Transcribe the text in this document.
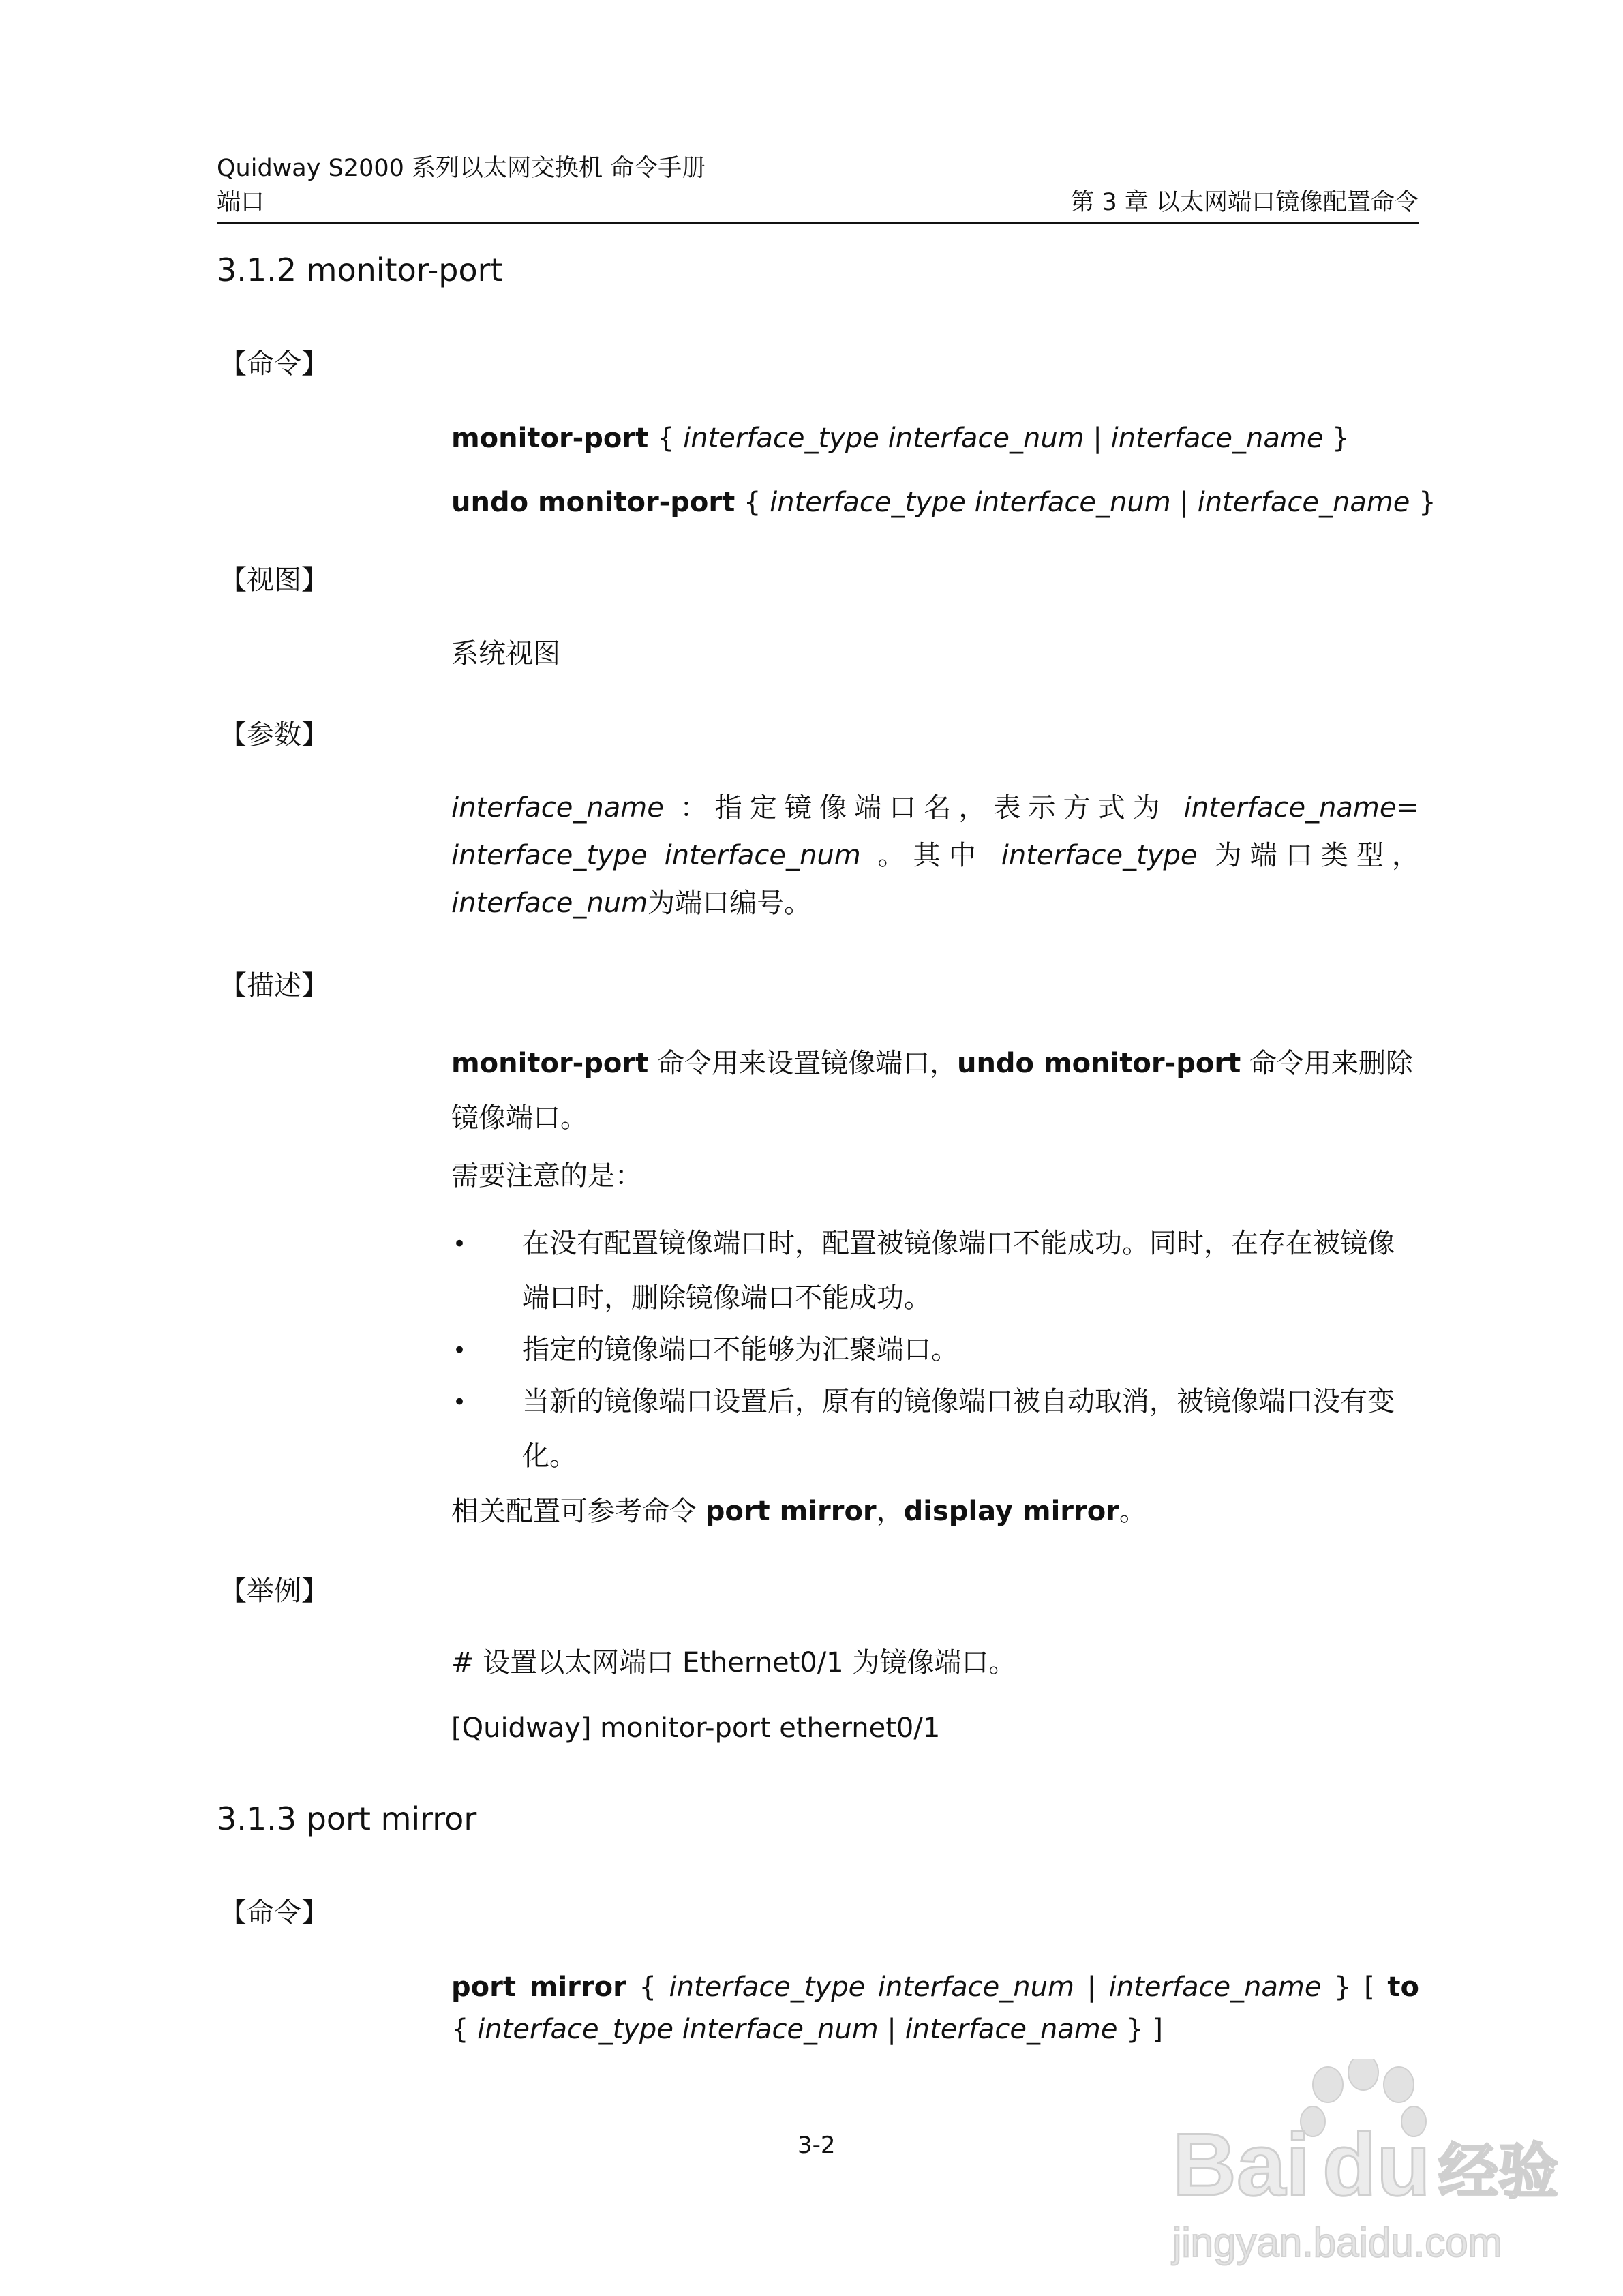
Quidway S2000 系列以太网交换机 命令手册
端口	第 3 章 以太网端口镜像配置命令
3.1.2 monitor-port
【命令】
monitor-port { interface_type interface_num | interface_name }
undo monitor-port { interface_type interface_num | interface_name }
【视图】
系统视图
【参数】
interface_name ：指定镜像端口名，表示方式为 interface_name=
interface_type interface_num 。其中 interface_type 为端口类型，
interface_num为端口编号。
【描述】
monitor-port 命令用来设置镜像端口，undo monitor-port 命令用来删除镜像端口。
需要注意的是：
• 在没有配置镜像端口时，配置被镜像端口不能成功。同时，在存在被镜像端口时，删除镜像端口不能成功。
• 指定的镜像端口不能够为汇聚端口。
• 当新的镜像端口设置后，原有的镜像端口被自动取消，被镜像端口没有变化。
相关配置可参考命令 port mirror，display mirror。
【举例】
# 设置以太网端口 Ethernet0/1 为镜像端口。
[Quidway] monitor-port ethernet0/1
3.1.3 port mirror
【命令】
port mirror { interface_type interface_num | interface_name } [ to
{ interface_type interface_num | interface_name } ]
3-2	Bai du 经验
jingyan.baidu.com
